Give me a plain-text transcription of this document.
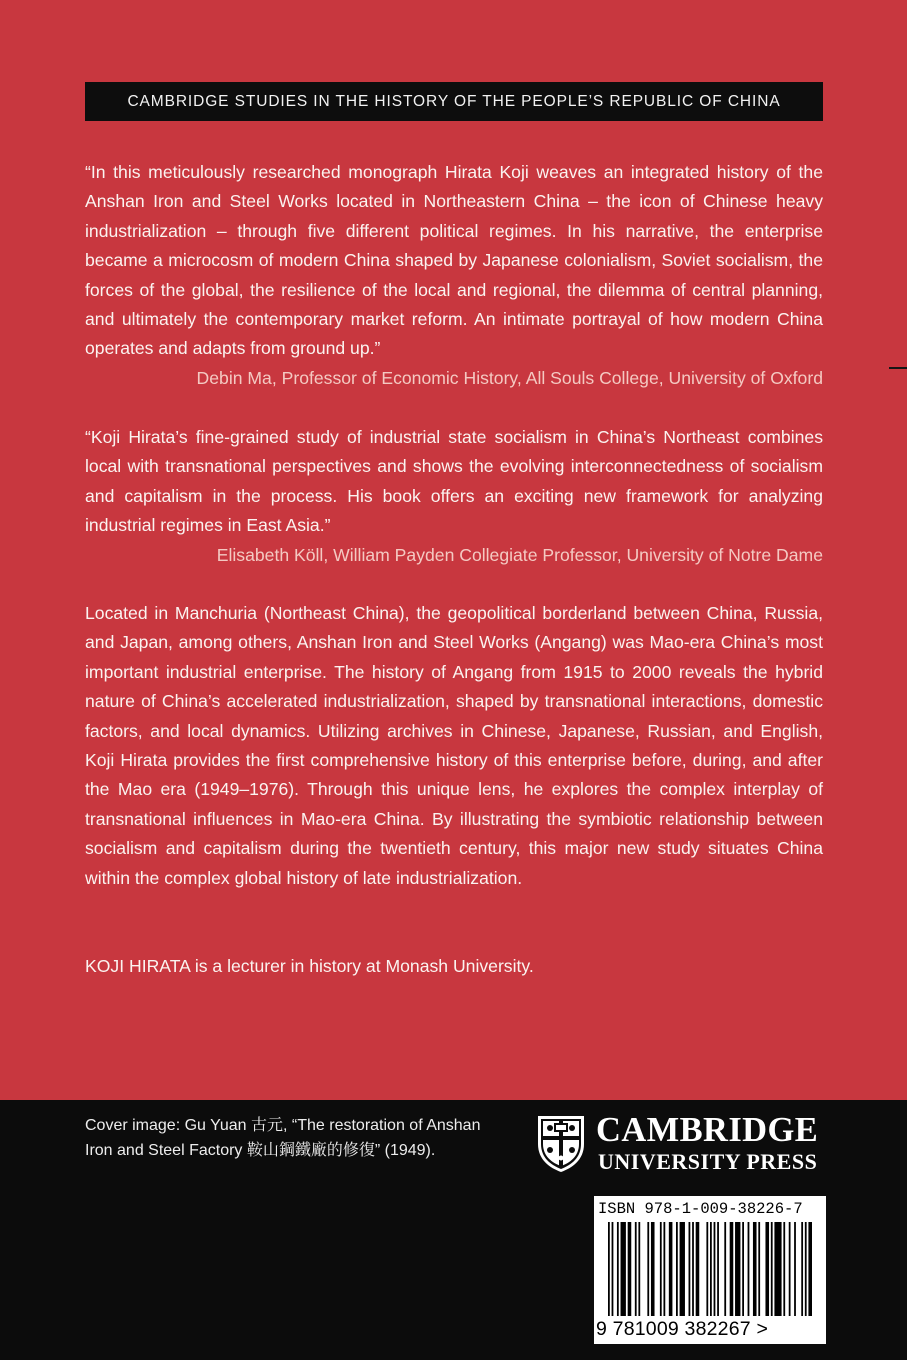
CAMBRIDGE STUDIES IN THE HISTORY OF THE PEOPLE’S REPUBLIC OF CHINA

“In this meticulously researched monograph Hirata Koji weaves an integrated history of the Anshan Iron and Steel Works located in Northeastern China – the icon of Chinese heavy industrialization – through five different political regimes. In his narrative, the enterprise became a microcosm of modern China shaped by Japanese colonialism, Soviet socialism, the forces of the global, the resilience of the local and regional, the dilemma of central planning, and ultimately the contemporary market reform. An intimate portrayal of how modern China operates and adapts from ground up.”

Debin Ma, Professor of Economic History, All Souls College, University of Oxford

“Koji Hirata’s fine-grained study of industrial state socialism in China’s Northeast combines local with transnational perspectives and shows the evolving interconnectedness of socialism and capitalism in the process. His book offers an exciting new framework for analyzing industrial regimes in East Asia.”

Elisabeth Köll, William Payden Collegiate Professor, University of Notre Dame

Located in Manchuria (Northeast China), the geopolitical borderland between China, Russia, and Japan, among others, Anshan Iron and Steel Works (Angang) was Mao-era China’s most important industrial enterprise. The history of Angang from 1915 to 2000 reveals the hybrid nature of China’s accelerated industrialization, shaped by transnational interactions, domestic factors, and local dynamics. Utilizing archives in Chinese, Japanese, Russian, and English, Koji Hirata provides the first comprehensive history of this enterprise before, during, and after the Mao era (1949–1976). Through this unique lens, he explores the complex interplay of transnational influences in Mao-era China. By illustrating the symbiotic relationship between socialism and capitalism during the twentieth century, this major new study situates China within the complex global history of late industrialization.

KOJI HIRATA is a lecturer in history at Monash University.

Cover image: Gu Yuan 古元, “The restoration of Anshan Iron and Steel Factory 鞍山鋼鐵廠的修復” (1949).
CAMBRIDGE
UNIVERSITY PRESS
ISBN 978-1-009-38226-7
9 781009 382267 >
